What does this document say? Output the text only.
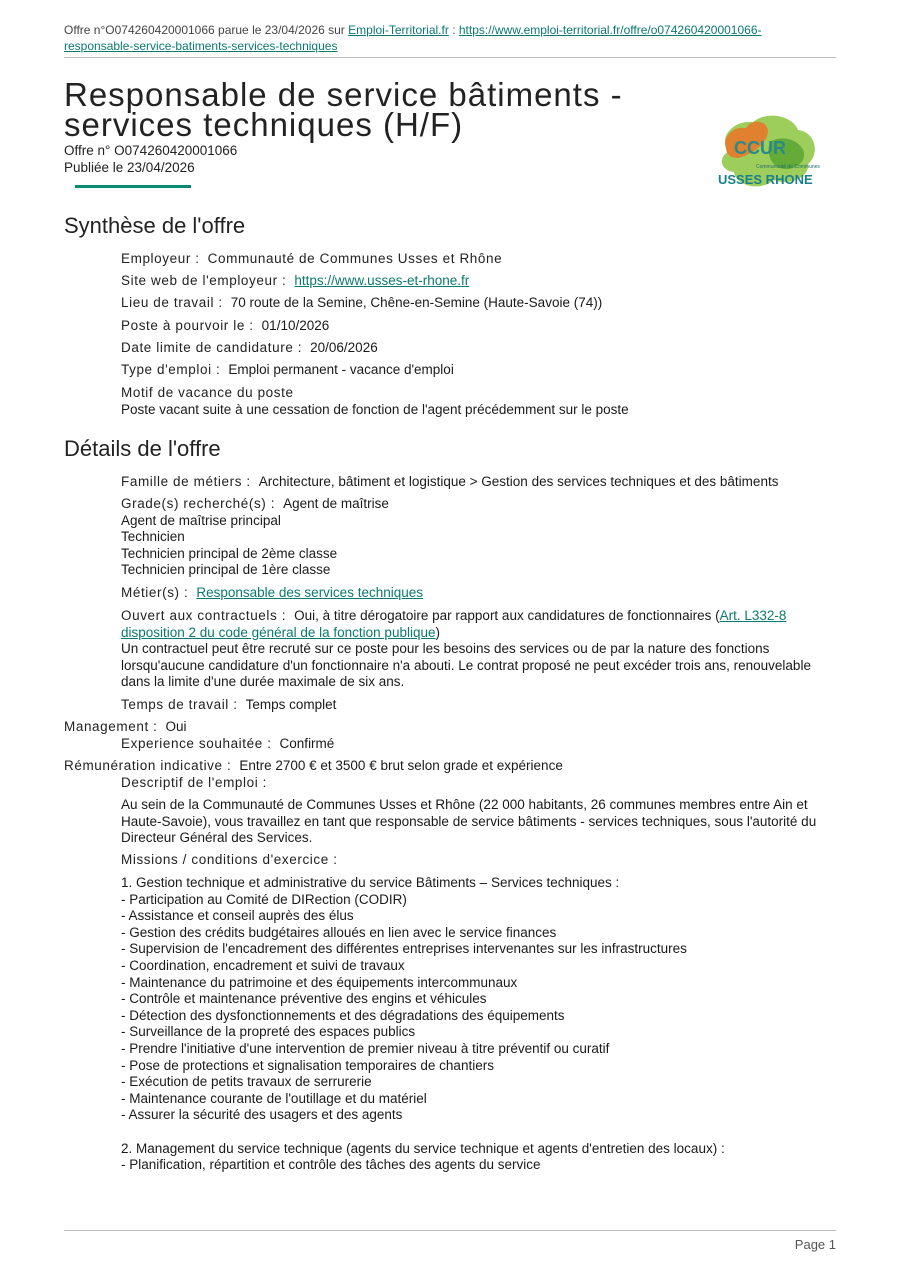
Offre n°O074260420001066 parue le 23/04/2026 sur Emploi-Territorial.fr : https://www.emploi-territorial.fr/offre/o074260420001066-
responsable-service-batiments-services-techniques
Responsable de service bâtiments -
services techniques (H/F)
Offre n° O074260420001066
Publiée le 23/04/2026
CCUR
Communauté de Communes
USSES RHONE
Synthèse de l'offre
Employeur : Communauté de Communes Usses et Rhône
Site web de l'employeur : https://www.usses-et-rhone.fr
Lieu de travail : 70 route de la Semine, Chêne-en-Semine (Haute-Savoie (74))
Poste à pourvoir le : 01/10/2026
Date limite de candidature : 20/06/2026
Type d'emploi : Emploi permanent - vacance d'emploi
Motif de vacance du poste
Poste vacant suite à une cessation de fonction de l'agent précédemment sur le poste
Détails de l'offre
Famille de métiers : Architecture, bâtiment et logistique > Gestion des services techniques et des bâtiments
Grade(s) recherché(s) : Agent de maîtrise
Agent de maîtrise principal
Technicien
Technicien principal de 2ème classe
Technicien principal de 1ère classe
Métier(s) : Responsable des services techniques
Ouvert aux contractuels : Oui, à titre dérogatoire par rapport aux candidatures de fonctionnaires (Art. L332-8 disposition 2 du code général de la fonction publique)
Un contractuel peut être recruté sur ce poste pour les besoins des services ou de par la nature des fonctions lorsqu'aucune candidature d'un fonctionnaire n'a abouti. Le contrat proposé ne peut excéder trois ans, renouvelable dans la limite d'une durée maximale de six ans.
Temps de travail : Temps complet
Management : Oui
Experience souhaitée : Confirmé
Rémunération indicative : Entre 2700 € et 3500 € brut selon grade et expérience
Descriptif de l'emploi :
Au sein de la Communauté de Communes Usses et Rhône (22 000 habitants, 26 communes membres entre Ain et Haute-Savoie), vous travaillez en tant que responsable de service bâtiments - services techniques, sous l'autorité du Directeur Général des Services.
Missions / conditions d'exercice :
1. Gestion technique et administrative du service Bâtiments – Services techniques :
- Participation au Comité de DIRection (CODIR)
- Assistance et conseil auprès des élus
- Gestion des crédits budgétaires alloués en lien avec le service finances
- Supervision de l'encadrement des différentes entreprises intervenantes sur les infrastructures
- Coordination, encadrement et suivi de travaux
- Maintenance du patrimoine et des équipements intercommunaux
- Contrôle et maintenance préventive des engins et véhicules
- Détection des dysfonctionnements et des dégradations des équipements
- Surveillance de la propreté des espaces publics
- Prendre l'initiative d'une intervention de premier niveau à titre préventif ou curatif
- Pose de protections et signalisation temporaires de chantiers
- Exécution de petits travaux de serrurerie
- Maintenance courante de l'outillage et du matériel
- Assurer la sécurité des usagers et des agents
2. Management du service technique (agents du service technique et agents d'entretien des locaux) :
- Planification, répartition et contrôle des tâches des agents du service
Page 1
